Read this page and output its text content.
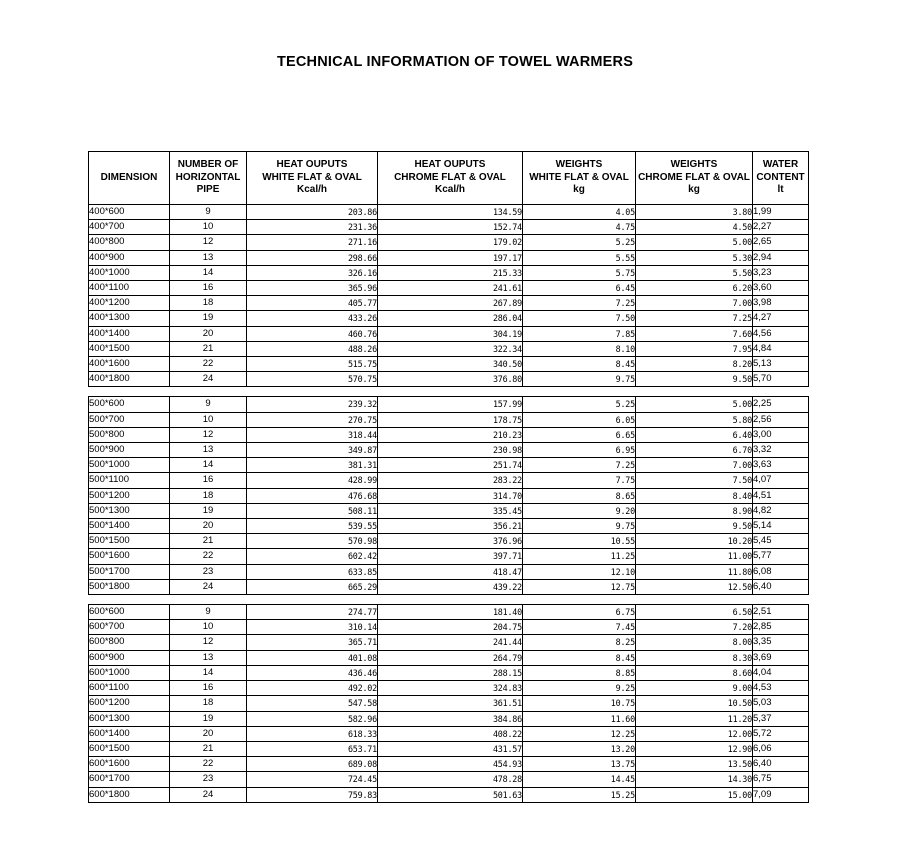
TECHNICAL INFORMATION OF TOWEL WARMERS
DIMENSION	NUMBER OF
HORIZONTAL
PIPE	HEAT OUPUTS
WHITE FLAT & OVAL
Kcal/h	HEAT OUPUTS
CHROME FLAT & OVAL
Kcal/h	WEIGHTS
WHITE FLAT & OVAL
kg	WEIGHTS
CHROME FLAT & OVAL
kg	WATER
CONTENT
lt

400*600	9	203.86	134.59	4.05	3.80	1,99
400*700	10	231.36	152.74	4.75	4.50	2,27
400*800	12	271.16	179.02	5.25	5.00	2,65
400*900	13	298.66	197.17	5.55	5.30	2,94
400*1000	14	326.16	215.33	5.75	5.50	3,23
400*1100	16	365.96	241.61	6.45	6.20	3,60
400*1200	18	405.77	267.89	7.25	7.00	3,98
400*1300	19	433.26	286.04	7.50	7.25	4,27
400*1400	20	460.76	304.19	7.85	7.60	4,56
400*1500	21	488.26	322.34	8.10	7.95	4,84
400*1600	22	515.75	340.50	8.45	8.20	5,13
400*1800	24	570.75	376.80	9.75	9.50	5,70

500*600	9	239.32	157.99	5.25	5.00	2,25
500*700	10	270.75	178.75	6.05	5.80	2,56
500*800	12	318.44	210.23	6.65	6.40	3,00
500*900	13	349.87	230.98	6.95	6.70	3,32
500*1000	14	381.31	251.74	7.25	7.00	3,63
500*1100	16	428.99	283.22	7.75	7.50	4,07
500*1200	18	476.68	314.70	8.65	8.40	4,51
500*1300	19	508.11	335.45	9.20	8.90	4,82
500*1400	20	539.55	356.21	9.75	9.50	5,14
500*1500	21	570.98	376.96	10.55	10.20	5,45
500*1600	22	602.42	397.71	11.25	11.00	5,77
500*1700	23	633.85	418.47	12.10	11.80	6,08
500*1800	24	665.29	439.22	12.75	12.50	6,40

600*600	9	274.77	181.40	6.75	6.50	2,51
600*700	10	310.14	204.75	7.45	7.20	2,85
600*800	12	365.71	241.44	8.25	8.00	3,35
600*900	13	401.08	264.79	8.45	8.30	3,69
600*1000	14	436.46	288.15	8.85	8.60	4,04
600*1100	16	492.02	324.83	9.25	9.00	4,53
600*1200	18	547.58	361.51	10.75	10.50	5,03
600*1300	19	582.96	384.86	11.60	11.20	5,37
600*1400	20	618.33	408.22	12.25	12.00	5,72
600*1500	21	653.71	431.57	13.20	12.90	6,06
600*1600	22	689.08	454.93	13.75	13.50	6,40
600*1700	23	724.45	478.28	14.45	14.30	6,75
600*1800	24	759.83	501.63	15.25	15.00	7,09
